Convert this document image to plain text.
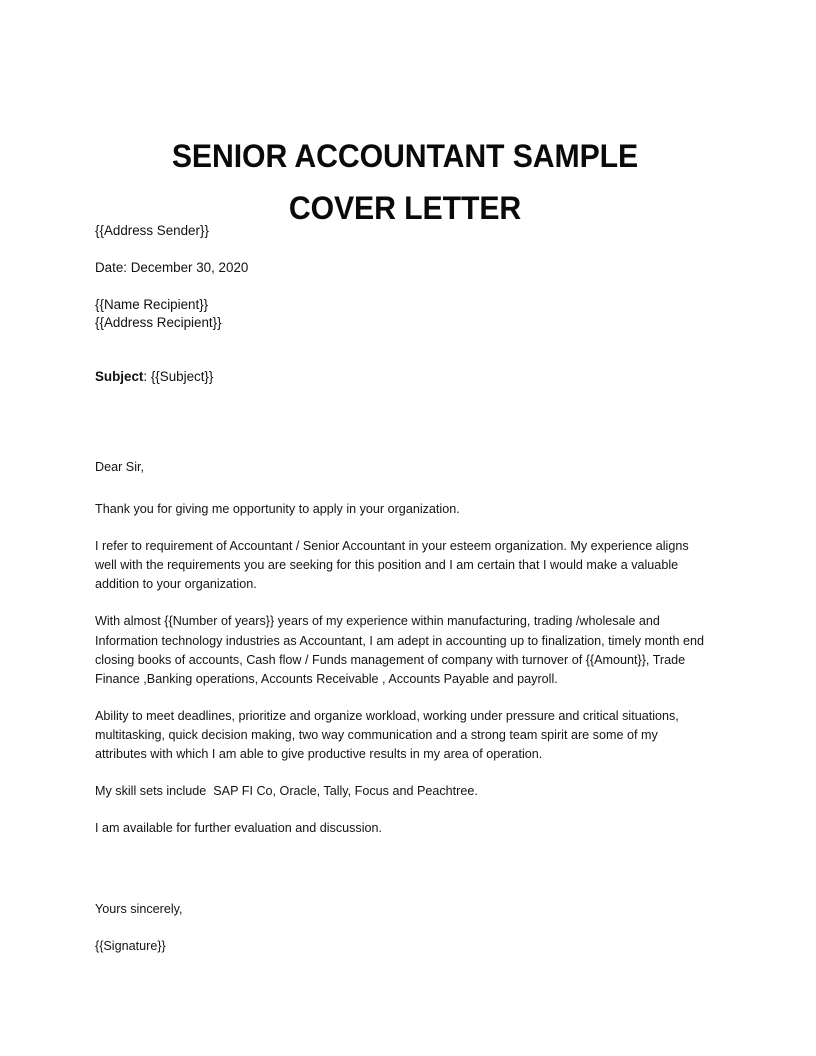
SENIOR ACCOUNTANT SAMPLE COVER LETTER

{{Address Sender}}

Date: December 30, 2020

{{Name Recipient}}

{{Address Recipient}}

Subject: {{Subject}}

Dear Sir,

Thank you for giving me opportunity to apply in your organization.

I refer to requirement of Accountant / Senior Accountant in your esteem organization. My experience aligns well with the requirements you are seeking for this position and I am certain that I would make a valuable addition to your organization.

With almost {{Number of years}} years of my experience within manufacturing, trading /wholesale and Information technology industries as Accountant, I am adept in accounting up to finalization, timely month end closing books of accounts, Cash flow / Funds management of company with turnover of {{Amount}}, Trade Finance ,Banking operations, Accounts Receivable , Accounts Payable and payroll.

Ability to meet deadlines, prioritize and organize workload, working under pressure and critical situations, multitasking, quick decision making, two way communication and a strong team spirit are some of my attributes with which I am able to give productive results in my area of operation.

My skill sets include SAP FI Co, Oracle, Tally, Focus and Peachtree.

I am available for further evaluation and discussion.

Yours sincerely,

{{Signature}}
